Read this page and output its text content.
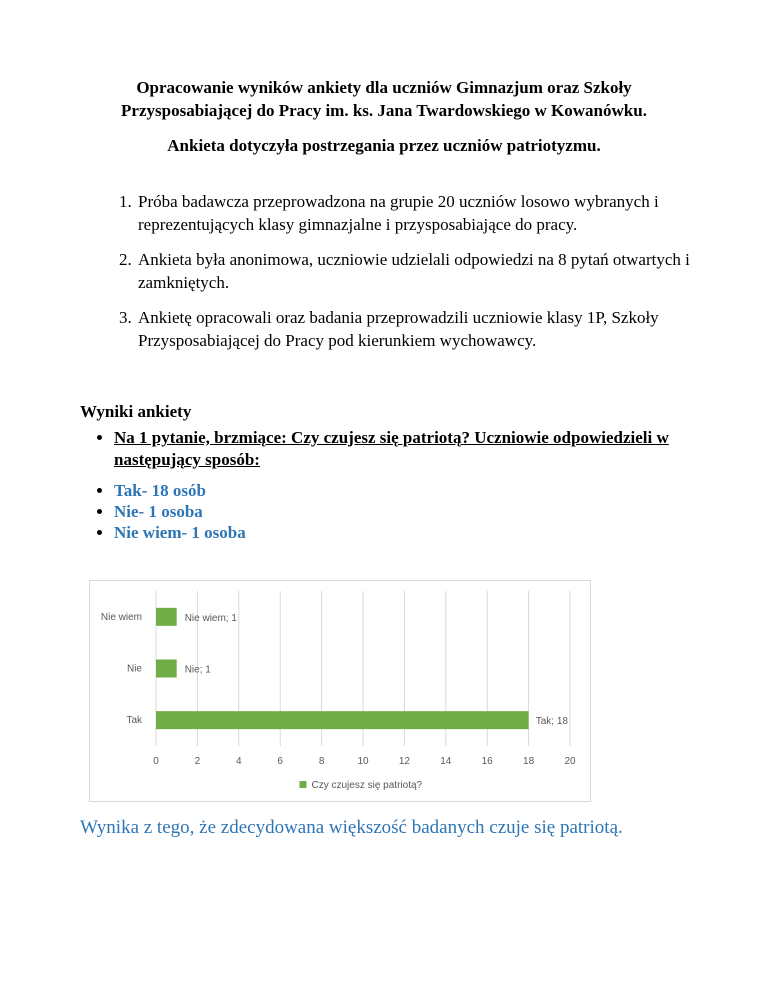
Opracowanie wyników ankiety dla uczniów Gimnazjum oraz Szkoły
Przysposabiającej do Pracy im. ks. Jana Twardowskiego w Kowanówku.
Ankieta dotyczyła postrzegania przez uczniów patriotyzmu.
1. Próba badawcza przeprowadzona na grupie 20 uczniów losowo wybranych i reprezentujących klasy gimnazjalne i przysposabiające do pracy.
2. Ankieta była anonimowa, uczniowie udzielali odpowiedzi na 8 pytań otwartych i zamkniętych.
3. Ankietę opracowali oraz badania przeprowadzili uczniowie klasy 1P, Szkoły Przysposabiającej do Pracy pod kierunkiem wychowawcy.
Wyniki ankiety
• Na 1 pytanie, brzmiące: Czy czujesz się patriotą? Uczniowie odpowiedzieli w następujący sposób:
• Tak- 18 osób
• Nie- 1 osoba
• Nie wiem- 1 osoba
0	2	4	6	8	10	12	14	16	18	20
Nie wiem	Nie wiem; 1
Nie	Nie; 1
Tak	Tak; 18
Czy czujesz się patriotą?
Wynika z tego, że zdecydowana większość badanych czuje się patriotą.
